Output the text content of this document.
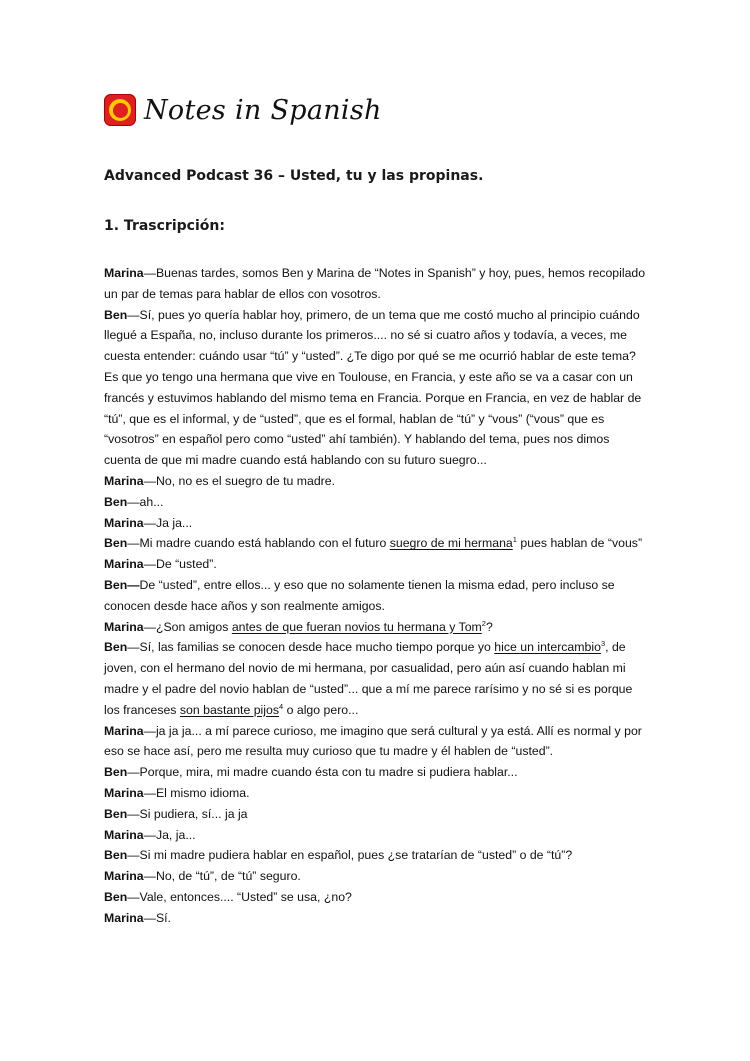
Notes in Spanish
Advanced Podcast 36 – Usted, tu y las propinas.
1. Trascripción:

Marina—Buenas tardes, somos Ben y Marina de “Notes in Spanish” y hoy, pues, hemos recopilado un par de temas para hablar de ellos con vosotros.

Ben—Sí, pues yo quería hablar hoy, primero, de un tema que me costó mucho al principio cuándo llegué a España, no, incluso durante los primeros.... no sé si cuatro años y todavía, a veces, me cuesta entender: cuándo usar “tú” y “usted”. ¿Te digo por qué se me ocurrió hablar de este tema? Es que yo tengo una hermana que vive en Toulouse, en Francia, y este año se va a casar con un francés y estuvimos hablando del mismo tema en Francia. Porque en Francia, en vez de hablar de “tú”, que es el informal, y de “usted”, que es el formal, hablan de “tú” y “vous” (“vous” que es “vosotros” en español pero como “usted” ahí también). Y hablando del tema, pues nos dimos cuenta de que mi madre cuando está hablando con su futuro suegro...

Marina—No, no es el suegro de tu madre.

Ben—ah...

Marina—Ja ja...

Ben—Mi madre cuando está hablando con el futuro suegro de mi hermana$^1$ pues hablan de “vous”

Marina—De “usted”.

Ben—De “usted”, entre ellos... y eso que no solamente tienen la misma edad, pero incluso se conocen desde hace años y son realmente amigos.

Marina—¿Son amigos antes de que fueran novios tu hermana y Tom$^2$?

Ben—Sí, las familias se conocen desde hace mucho tiempo porque yo hice un intercambio$^3$, de joven, con el hermano del novio de mi hermana, por casualidad, pero aún así cuando hablan mi madre y el padre del novio hablan de “usted”... que a mí me parece rarísimo y no sé si es porque los franceses son bastante pijos$^4$ o algo pero...

Marina—ja ja ja... a mí parece curioso, me imagino que será cultural y ya está. Allí es normal y por eso se hace así, pero me resulta muy curioso que tu madre y él hablen de “usted”.

Ben—Porque, mira, mi madre cuando ésta con tu madre si pudiera hablar...

Marina—El mismo idioma.

Ben—Si pudiera, sí... ja ja

Marina—Ja, ja...

Ben—Si mi madre pudiera hablar en español, pues ¿se tratarían de “usted” o de “tú”?

Marina—No, de “tú”, de “tú” seguro.

Ben—Vale, entonces.... “Usted” se usa, ¿no?

Marina—Sí.
